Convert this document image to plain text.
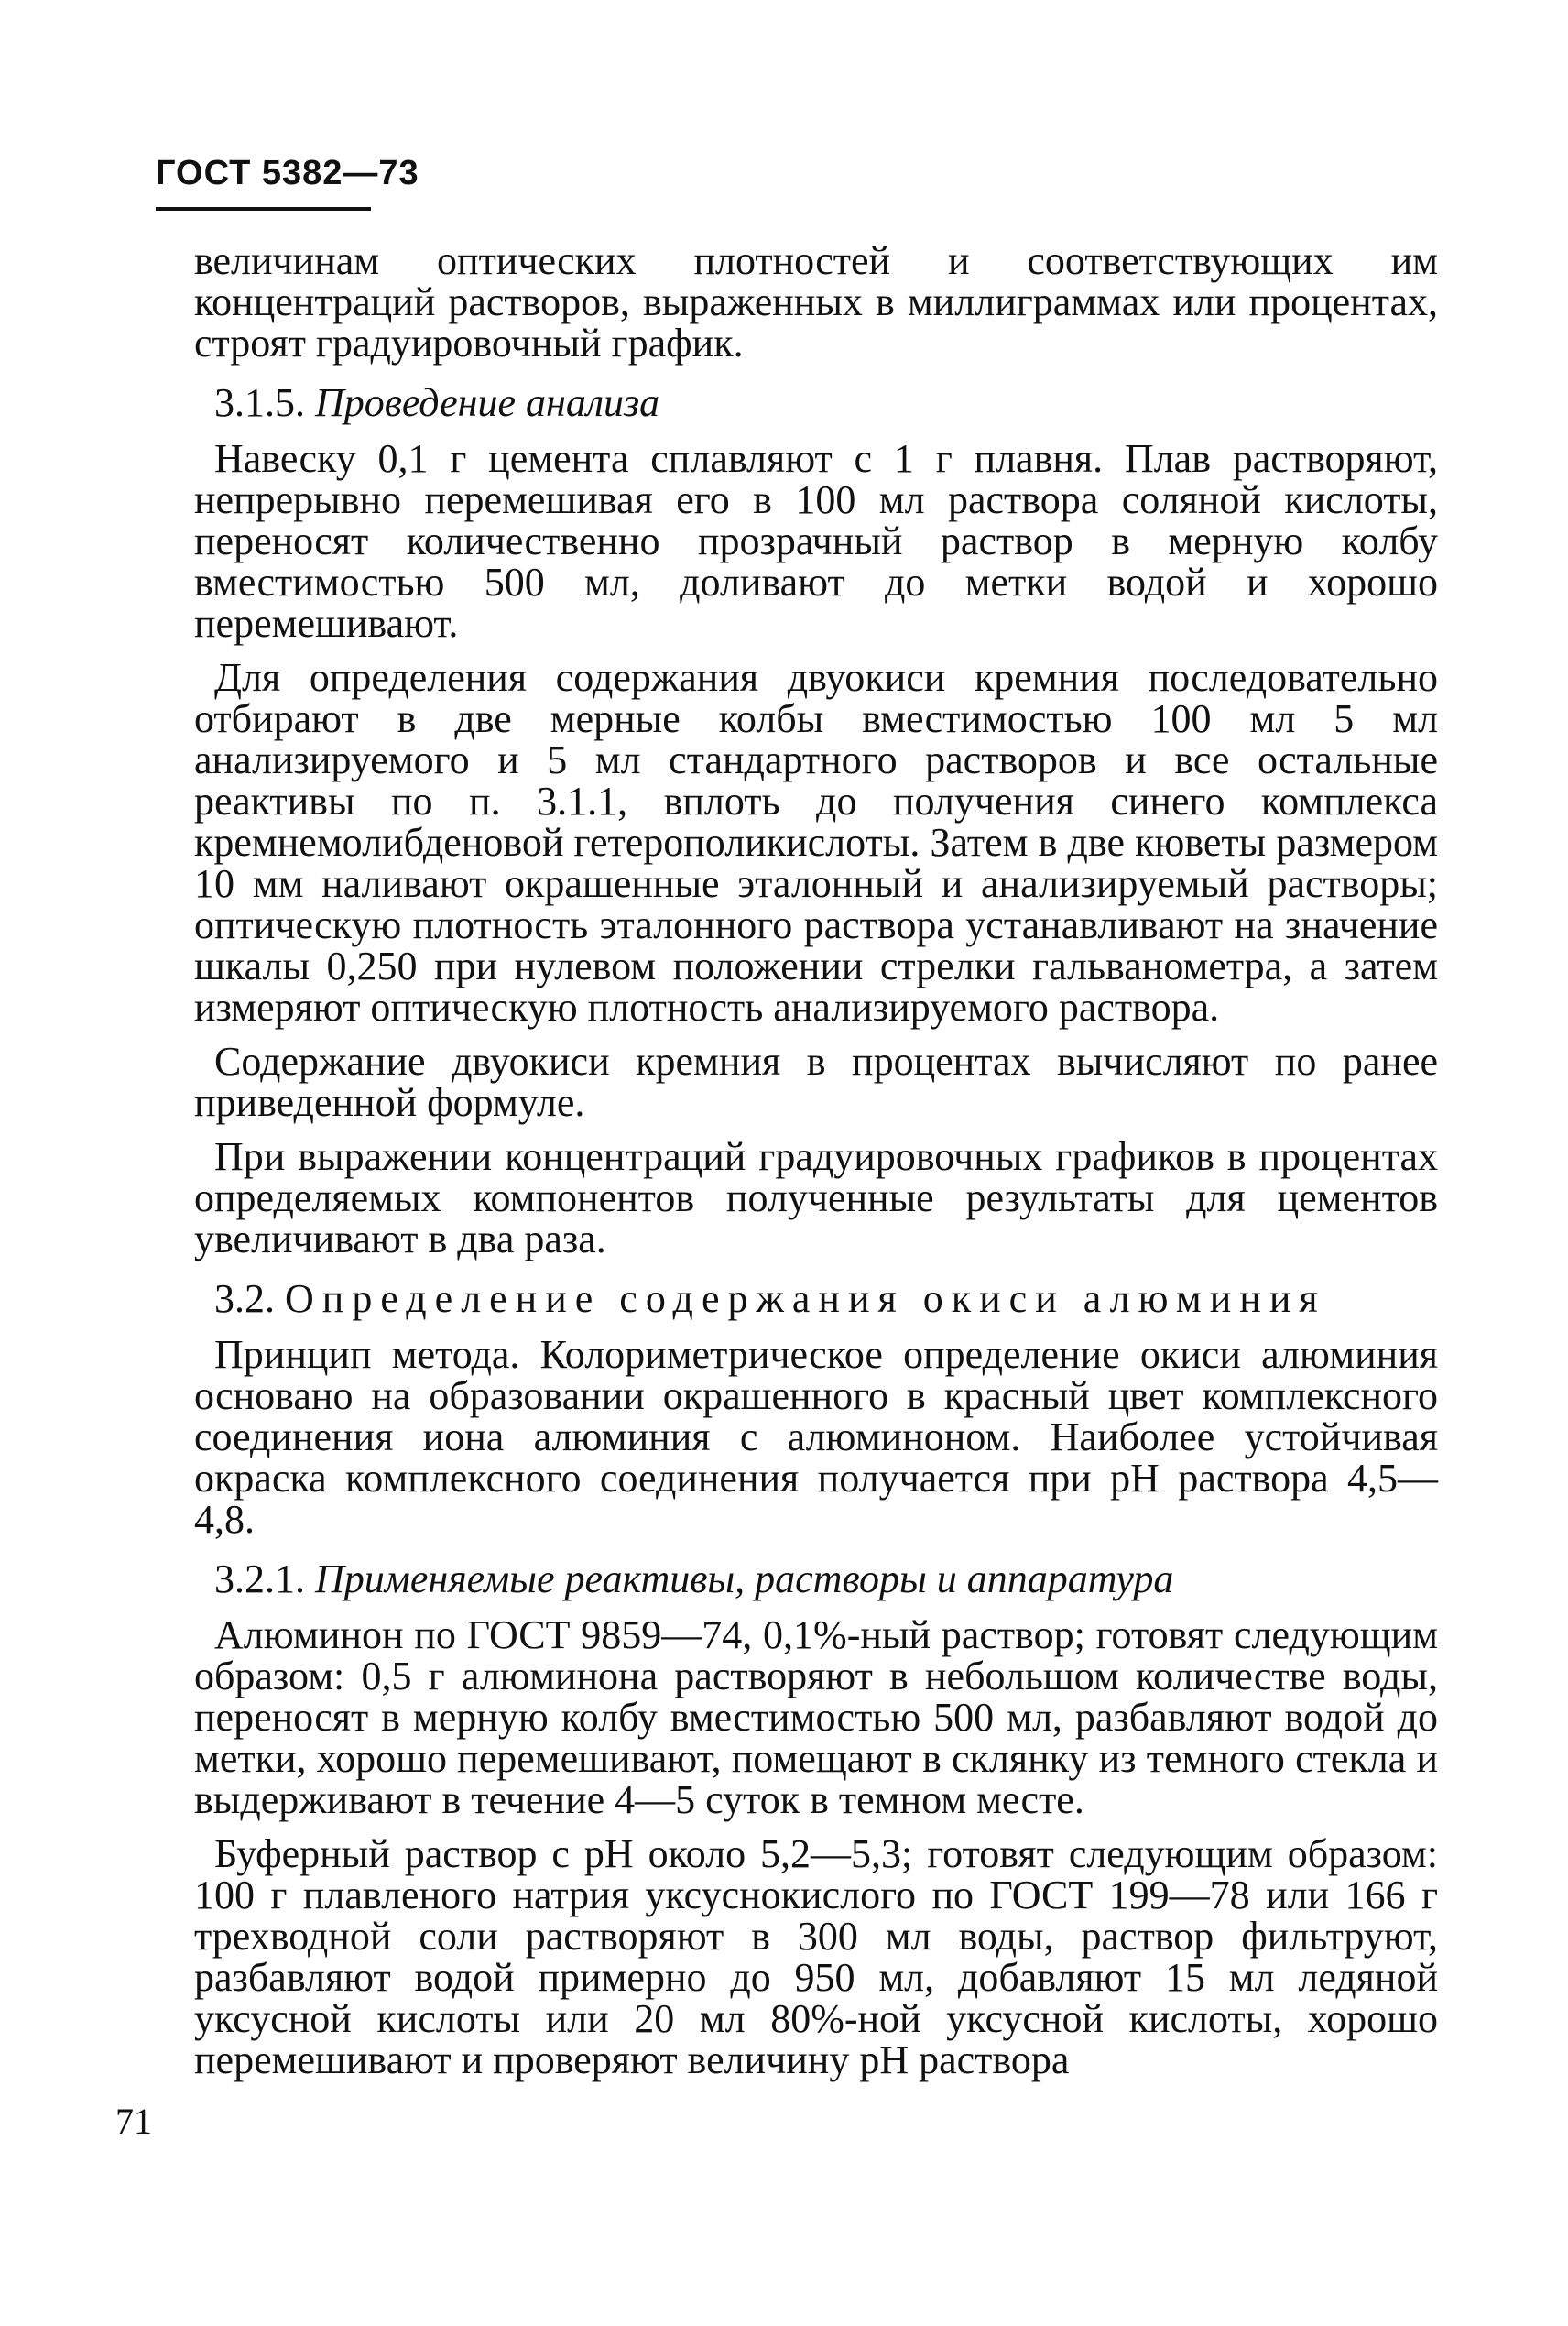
ГОСТ 5382—73

величинам оптических плотностей и соответствующих им концентраций растворов, выраженных в миллиграммах или процентах, строят градуировочный график.

3.1.5. Проведение анализа

Навеску 0,1 г цемента сплавляют с 1 г плавня. Плав растворяют, непрерывно перемешивая его в 100 мл раствора соляной кислоты, переносят количественно прозрачный раствор в мерную колбу вместимостью 500 мл, доливают до метки водой и хорошо перемешивают.

Для определения содержания двуокиси кремния последовательно отбирают в две мерные колбы вместимостью 100 мл 5 мл анализируемого и 5 мл стандартного растворов и все остальные реактивы по п. 3.1.1, вплоть до получения синего комплекса кремнемолибденовой гетерополикислоты. Затем в две кюветы размером 10 мм наливают окрашенные эталонный и анализируемый растворы; оптическую плотность эталонного раствора устанавливают на значение шкалы 0,250 при нулевом положении стрелки гальванометра, а затем измеряют оптическую плотность анализируемого раствора.

Содержание двуокиси кремния в процентах вычисляют по ранее приведенной формуле.

При выражении концентраций градуировочных графиков в процентах определяемых компонентов полученные результаты для цементов увеличивают в два раза.

3.2. Определение содержания окиси алюминия

Принцип метода. Колориметрическое определение окиси алюминия основано на образовании окрашенного в красный цвет комплексного соединения иона алюминия с алюминоном. Наиболее устойчивая окраска комплексного соединения получается при pH раствора 4,5—4,8.

3.2.1. Применяемые реактивы, растворы и аппаратура

Алюминон по ГОСТ 9859—74, 0,1%-ный раствор; готовят следующим образом: 0,5 г алюминона растворяют в небольшом количестве воды, переносят в мерную колбу вместимостью 500 мл, разбавляют водой до метки, хорошо перемешивают, помещают в склянку из темного стекла и выдерживают в течение 4—5 суток в темном месте.

Буферный раствор с pH около 5,2—5,3; готовят следующим образом: 100 г плавленого натрия уксуснокислого по ГОСТ 199—78 или 166 г трехводной соли растворяют в 300 мл воды, раствор фильтруют, разбавляют водой примерно до 950 мл, добавляют 15 мл ледяной уксусной кислоты или 20 мл 80%-ной уксусной кислоты, хорошо перемешивают и проверяют величину pH раствора

71
